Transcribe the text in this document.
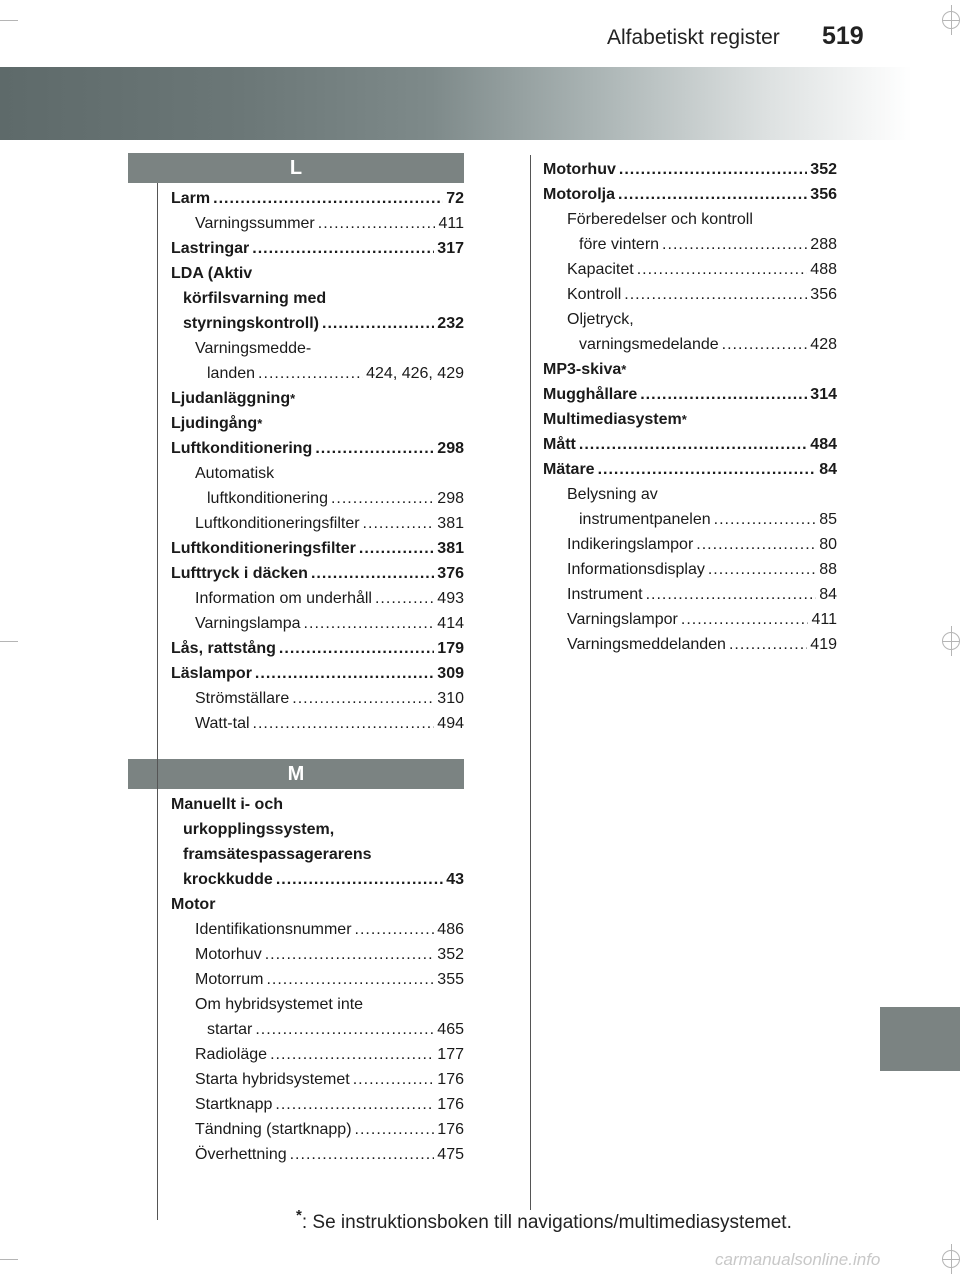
Alfabetiskt register 519
L
M
Larm .....	72
Varningssummer .....	411
Lastringar .....	317
LDA (Aktiv
körfilsvarning med
styrningskontroll) .....	232
Varningsmedde-
landen .....	424, 426, 429
Ljudanläggning *
Ljudingång *
Luftkonditionering .....	298
Automatisk
luftkonditionering .....	298
Luftkonditioneringsfilter .....	381
Luftkonditioneringsfilter .....	381
Lufttryck i däcken .....	376
Information om underhåll .....	493
Varningslampa .....	414
Lås, rattstång .....	179
Läslampor .....	309
Strömställare .....	310
Watt-tal .....	494
Manuellt i- och
urkopplingssystem,
framsätespassagerarens
krockkudde .....	43
Motor
Identifikationsnummer .....	486
Motorhuv .....	352
Motorrum .....	355
Om hybridsystemet inte
startar .....	465
Radioläge .....	177
Starta hybridsystemet .....	176
Startknapp .....	176
Tändning (startknapp) .....	176
Överhettning .....	475
Motorhuv .....	352
Motorolja .....	356
Förberedelser och kontroll
före vintern .....	288
Kapacitet .....	488
Kontroll .....	356
Oljetryck,
varningsmedelande .....	428
MP3-skiva *
Mugghållare .....	314
Multimediasystem *
Mått .....	484
Mätare .....	84
Belysning av
instrumentpanelen .....	85
Indikeringslampor .....	80
Informationsdisplay .....	88
Instrument .....	84
Varningslampor .....	411
Varningsmeddelanden .....	419
*: Se instruktionsboken till navigations/multimediasystemet.
carmanualsonline.info
